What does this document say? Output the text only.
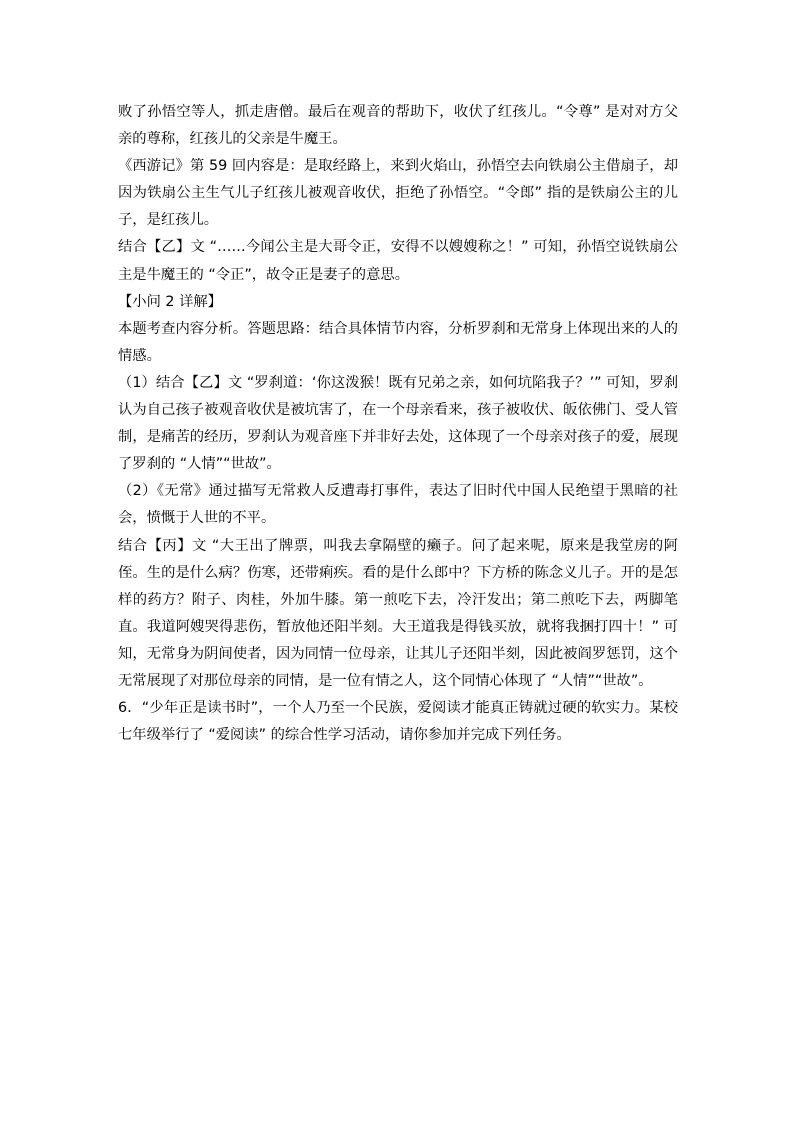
败了孙悟空等人，抓走唐僧。最后在观音的帮助下，收伏了红孩儿。“令尊” 是对对方父亲的尊称，红孩儿的父亲是牛魔王。

《西游记》第 59 回内容是：是取经路上，来到火焰山，孙悟空去向铁扇公主借扇子，却因为铁扇公主生气儿子红孩儿被观音收伏，拒绝了孙悟空。“令郎” 指的是铁扇公主的儿子，是红孩儿。

结合【乙】文 “……今闻公主是大哥令正，安得不以嫂嫂称之！” 可知，孙悟空说铁扇公主是牛魔王的 “令正”，故令正是妻子的意思。

【小问 2 详解】

本题考查内容分析。答题思路：结合具体情节内容，分析罗刹和无常身上体现出来的人的情感。

（1）结合【乙】文 “罗刹道：‘你这泼猴！既有兄弟之亲，如何坑陷我子？’” 可知，罗刹认为自己孩子被观音收伏是被坑害了，在一个母亲看来，孩子被收伏、皈依佛门、受人管制，是痛苦的经历，罗刹认为观音座下并非好去处，这体现了一个母亲对孩子的爱，展现了罗刹的 “人情”“世故”。

（2）《无常》通过描写无常救人反遭毒打事件，表达了旧时代中国人民绝望于黑暗的社会，愤慨于人世的不平。

结合【丙】文 “大王出了牌票，叫我去拿隔壁的癞子。问了起来呢，原来是我堂房的阿侄。生的是什么病？伤寒，还带痢疾。看的是什么郎中？下方桥的陈念义儿子。开的是怎样的药方？附子、肉桂，外加牛膝。第一煎吃下去，冷汗发出；第二煎吃下去，两脚笔直。我道阿嫂哭得悲伤，暂放他还阳半刻。大王道我是得钱买放，就将我捆打四十！” 可知，无常身为阴间使者，因为同情一位母亲，让其儿子还阳半刻，因此被阎罗惩罚，这个无常展现了对那位母亲的同情，是一位有情之人，这个同情心体现了 “人情”“世故”。

6．“少年正是读书时”，一个人乃至一个民族，爱阅读才能真正铸就过硬的软实力。某校七年级举行了 “爱阅读” 的综合性学习活动，请你参加并完成下列任务。
